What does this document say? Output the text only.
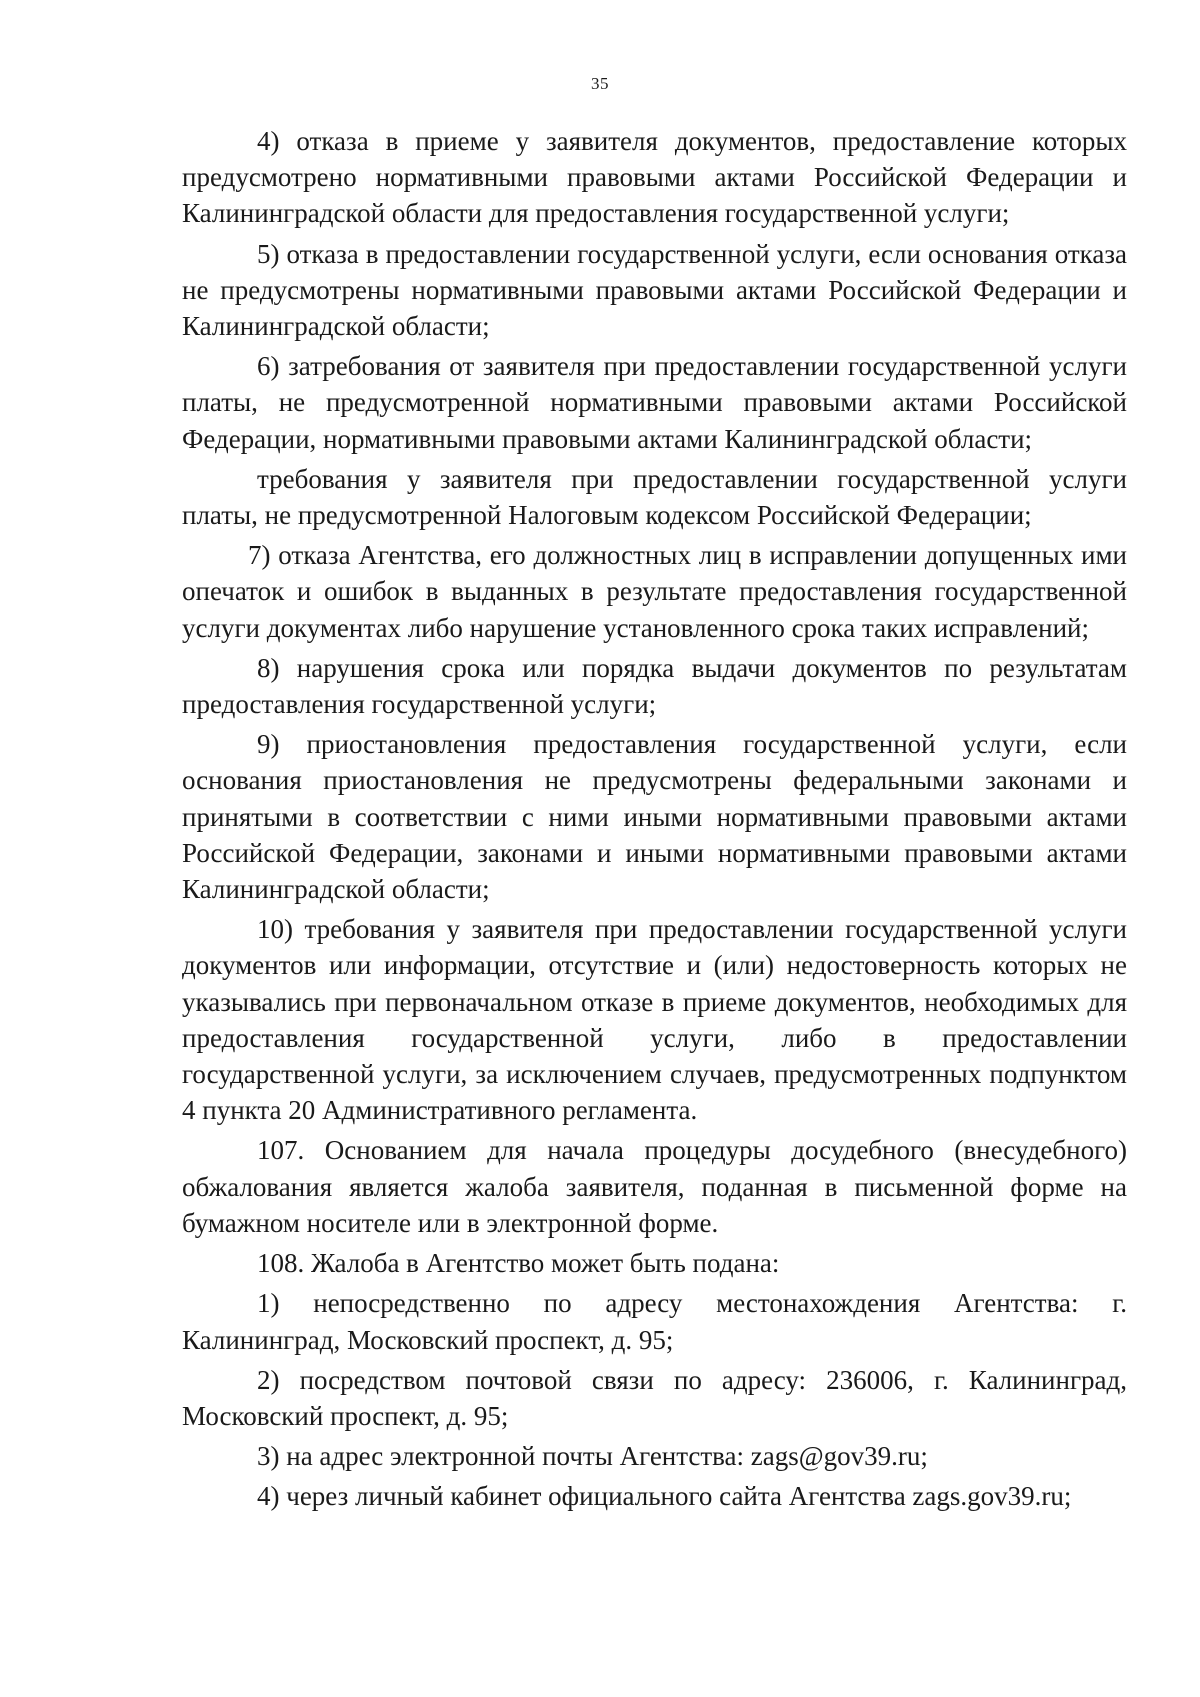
35

4) отказа в приеме у заявителя документов, предоставление которых предусмотрено нормативными правовыми актами Российской Федерации и Калининградской области для предоставления государственной услуги;

5) отказа в предоставлении государственной услуги, если основания отказа не предусмотрены нормативными правовыми актами Российской Федерации и Калининградской области;

6) затребования от заявителя при предоставлении государственной услуги платы, не предусмотренной нормативными правовыми актами Российской Федерации, нормативными правовыми актами Калининградской области;

требования у заявителя при предоставлении государственной услуги платы, не предусмотренной Налоговым кодексом Российской Федерации;

7) отказа Агентства, его должностных лиц в исправлении допущенных ими опечаток и ошибок в выданных в результате предоставления государственной услуги документах либо нарушение установленного срока таких исправлений;

8) нарушения срока или порядка выдачи документов по результатам предоставления государственной услуги;

9) приостановления предоставления государственной услуги, если основания приостановления не предусмотрены федеральными законами и принятыми в соответствии с ними иными нормативными правовыми актами Российской Федерации, законами и иными нормативными правовыми актами Калининградской области;

10) требования у заявителя при предоставлении государственной услуги документов или информации, отсутствие и (или) недостоверность которых не указывались при первоначальном отказе в приеме документов, необходимых для предоставления государственной услуги, либо в предоставлении государственной услуги, за исключением случаев, предусмотренных подпунктом 4 пункта 20 Административного регламента.

107. Основанием для начала процедуры досудебного (внесудебного) обжалования является жалоба заявителя, поданная в письменной форме на бумажном носителе или в электронной форме.

108. Жалоба в Агентство может быть подана:

1) непосредственно по адресу местонахождения Агентства: г. Калининград, Московский проспект, д. 95;

2) посредством почтовой связи по адресу: 236006, г. Калининград, Московский проспект, д. 95;

3) на адрес электронной почты Агентства: zags@gov39.ru;

4) через личный кабинет официального сайта Агентства zags.gov39.ru;
